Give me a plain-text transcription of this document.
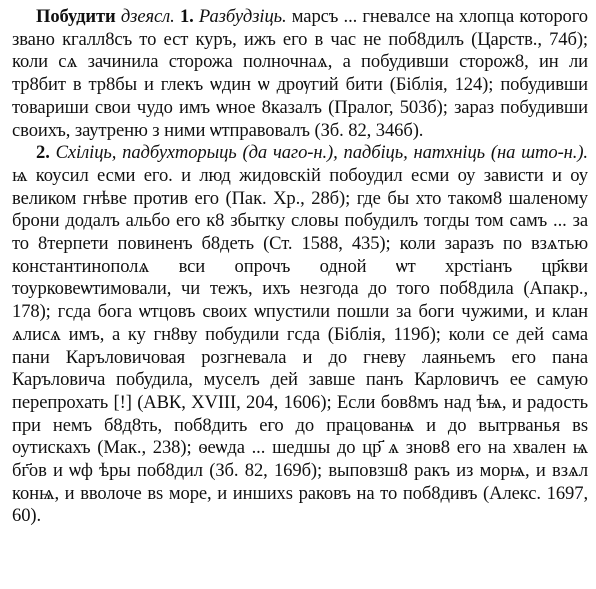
Побудити дзеясл. 1. Разбудзіць. марсъ ... гневалсе на хлопца которого звано кгалл8съ то ест куръ, ижъ его в час не поб8дилъ (Царств., 74б); коли сѧ зачинила сторожа полночнаѧ, а побудивши сторож8, ин ли тр8бит в тр8бы и глекъ ѡдин ѡ дрѹгий бити (Біблія, 124); побудивши товариши свои чудо имъ ѡное 8казалъ (Пралог, 503б); зараз побудивши своихъ, заутреню з ними ѡтправовалъ (Зб. 82, 346б).

2. Схіліць, падбухторыць (да чаго-н.), падбіць, натхніць (на што-н.). ѩ коусил есми его. и люд жидовскій побоудил есми оу зависти и оу великом гнѣве против его (Пак. Хр., 28б); где бы хто таком8 шаленому брони додалъ альбо его к8 збытку словы побудилъ тогды том самъ ... за то 8терпети повиненъ б8деть (Ст. 1588, 435); коли заразъ по взѧтью константинополѧ вси опрочъ одной ѡт хрстіанъ цр҃кви тоурковеѡтимовали, чи тежъ, ихъ незгода до того поб8дила (Апакр., 178); гсда бога ѡтцовъ своих ѡпустили пошли за боги чужими, и клан ѧлисѧ имъ, а ку гн8ву побудили гсда (Біблія, 119б); коли се дей сама пани Каръловичовая розгневала и до гневу лаяньемъ его пана Каръловича побудила, муселъ дей завше панъ Карловичъ ее самую перепрохать [!] (АВК, XVIII, 204, 1606); Если бов8мъ над ѣѩ, и радость при немъ б8д8ть, поб8дить его до працованѩ и до вытрванья вs оутискахъ (Мак., 238); ѳеѡда ... шедшы до цр҃ ѧ знов8 его на хвален ѩ бг҃ов и ѡф ѣры поб8дил (Зб. 82, 169б); выповзш8 ракъ из морѩ, и взѧл конѩ, и вволоче вs море, и иншихs раковъ на то поб8дивъ (Алекс. 1697, 60).
